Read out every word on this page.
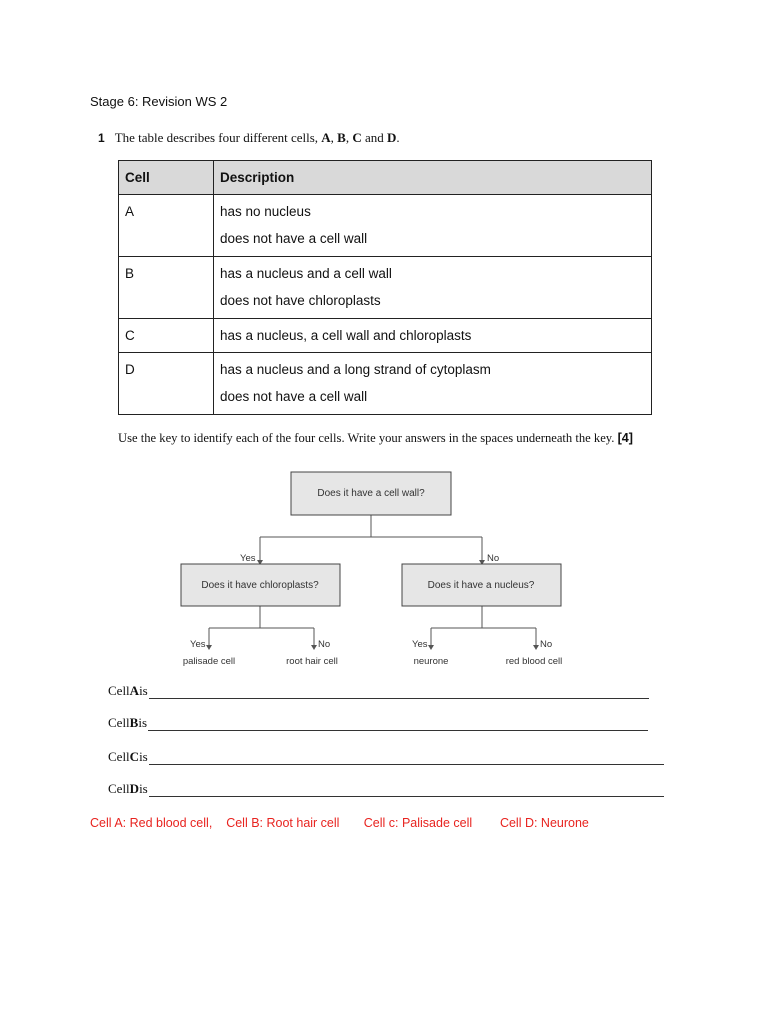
Stage 6: Revision WS 2
1 The table describes four different cells, A, B, C and D.
Cell	Description
A	has no nucleus
does not have a cell wall

B	has a nucleus and a cell wall
does not have chloroplasts

C	has a nucleus, a cell wall and chloroplasts

D	has a nucleus and a long strand of cytoplasm
does not have a cell wall
Use the key to identify each of the four cells. Write your answers in the spaces underneath the key. [4]
Does it have a cell wall?
Yes	No
Does it have chloroplasts?	Does it have a nucleus?
Yes
palisade cell
No
root hair cell
Yes
neurone
No
red blood cell
Cell A is
Cell B is
Cell C is
Cell D is
Cell A: Red blood cell, Cell B: Root hair cell Cell c: Palisade cell Cell D: Neurone
